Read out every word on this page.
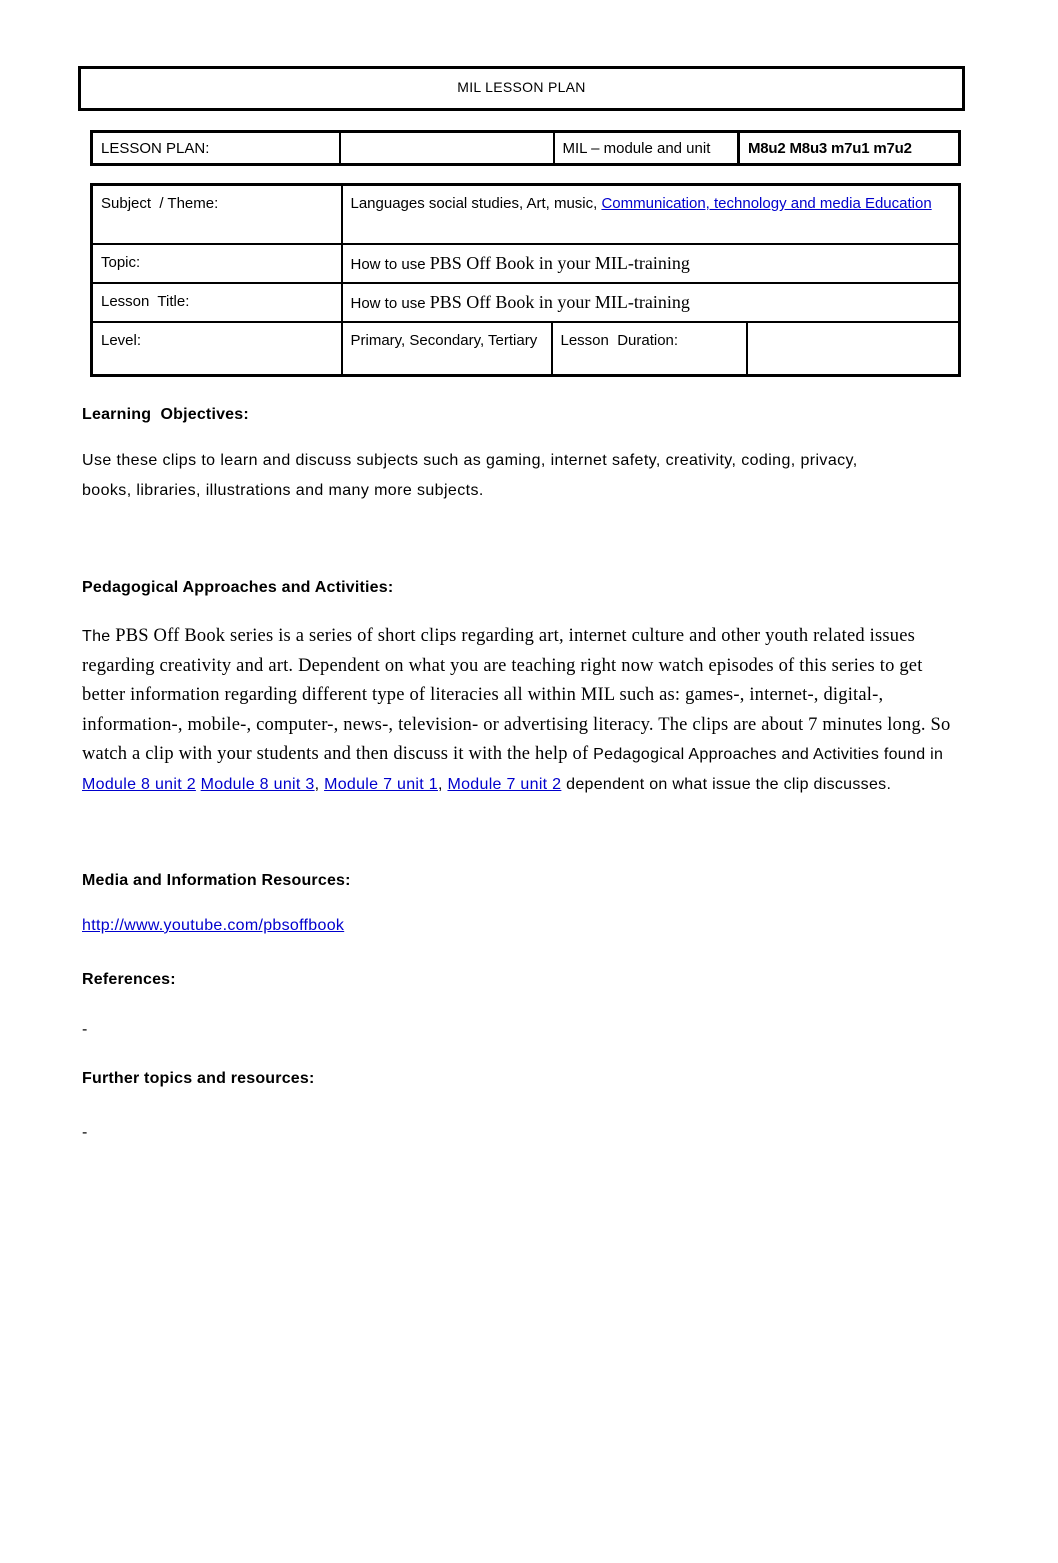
MIL LESSON PLAN
LESSON PLAN:		MIL – module and unit	M8u2 M8u3 m7u1 m7u2
Subject  / Theme:	Languages social studies, Art, music, Communication, technology and media Education		

Topic:	How to use PBS Off Book in your MIL-training		
Lesson  Title:	How to use PBS Off Book in your MIL-training		
Level:	Primary, Secondary, Tertiary	Lesson  Duration:	
Learning  Objectives:

Use these clips to learn and discuss subjects such as gaming, internet safety, creativity, coding, privacy, books, libraries, illustrations and many more subjects.

Pedagogical Approaches and Activities:

The PBS Off Book series is a series of short clips regarding art, internet culture and other youth related issues regarding creativity and art. Dependent on what you are teaching right now watch episodes of this series to get better information regarding different type of literacies all within MIL such as: games-, internet-, digital-, information-, mobile-, computer-, news-, television- or advertising literacy. The clips are about 7 minutes long. So watch a clip with your students and then discuss it with the help of Pedagogical Approaches and Activities found in Module 8 unit 2 Module 8 unit 3, Module 7 unit 1, Module 7 unit 2 dependent on what issue the clip discusses.

Media and Information Resources:

http://www.youtube.com/pbsoffbook

References:

-

Further topics and resources:

-
